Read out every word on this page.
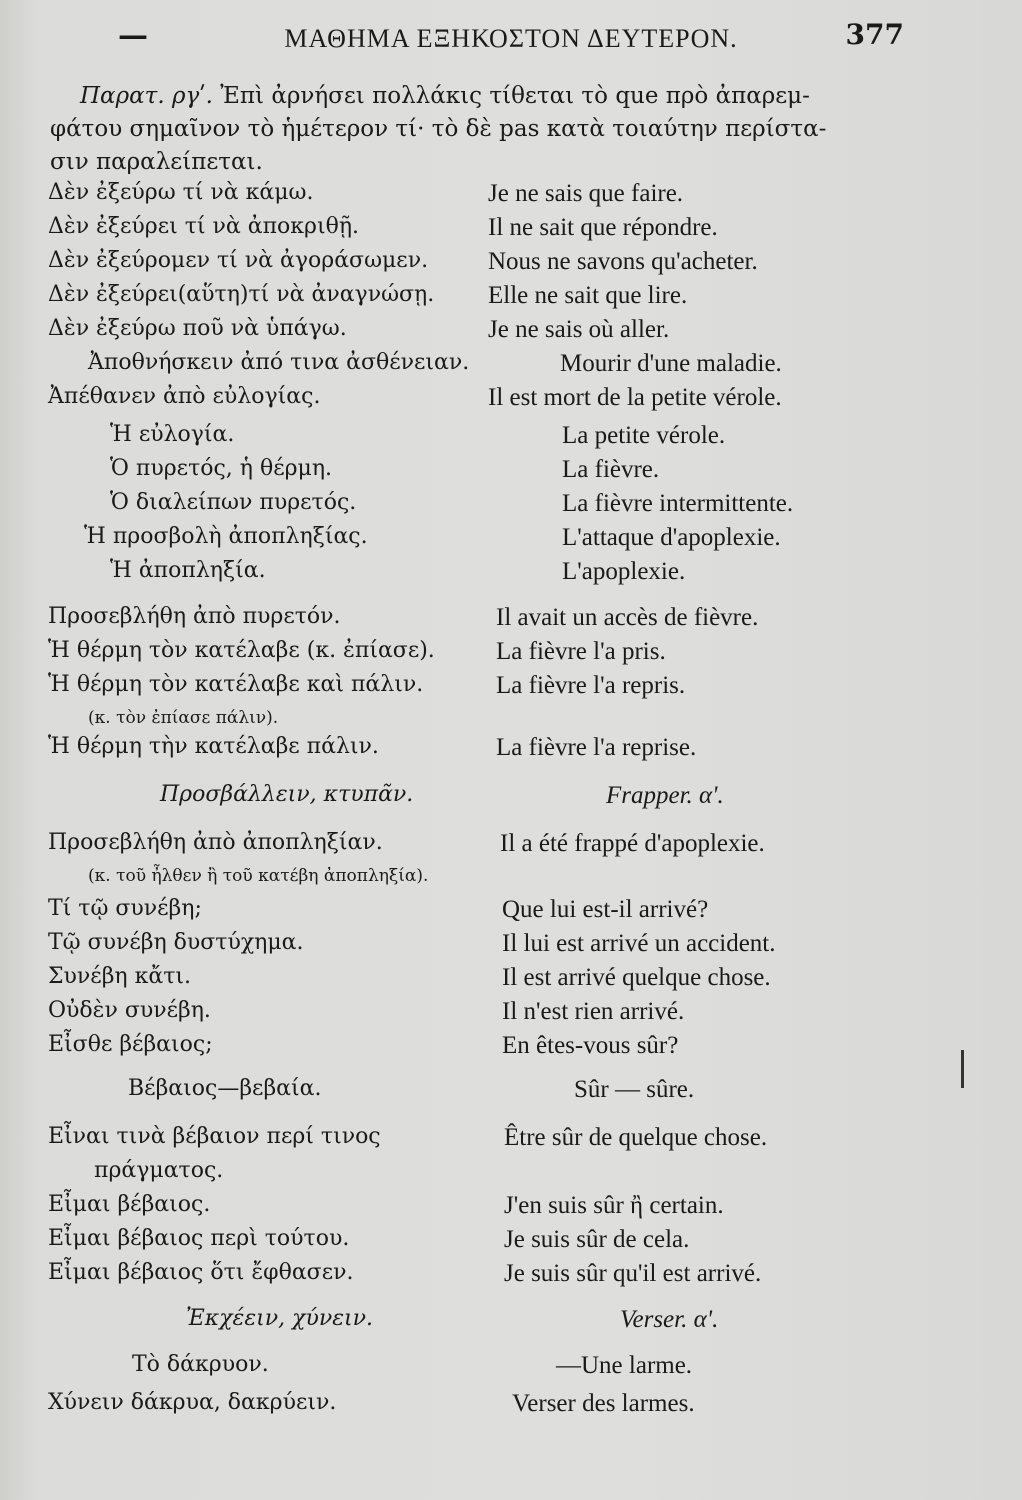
—	ΜΑΘΗΜΑ ΕΞΗΚΟΣΤΟΝ ΔΕΥΤΕΡΟΝ.	377

Παρατ. ργʹ. Ἐπὶ ἀρνήσει πολλάκις τίθεται τὸ que πρὸ ἀπαρεμ-

φάτου σημαῖνον τὸ ἡμέτερον τί· τὸ δὲ pas κατὰ τοιαύτην περίστα-

σιν παραλείπεται.

Δὲν ἐξεύρω τί νὰ κάμω.	Je ne sais que faire.
Δὲν ἐξεύρει τί νὰ ἀποκριθῇ.	Il ne sait que répondre.
Δὲν ἐξεύρομεν τί νὰ ἀγοράσωμεν. Nous ne savons qu'acheter.
Δὲν ἐξεύρει(αὕτη)τί νὰ ἀναγνώσῃ. Elle ne sait que lire.
Δὲν ἐξεύρω ποῦ νὰ ὑπάγω.	Je ne sais où aller.
Ἀποθνήσκειν ἀπό τινα ἀσθένειαν.	Mourir d'une maladie.
Ἀπέθανεν ἀπὸ εὐλογίας.	Il est mort de la petite vérole.
Ἡ εὐλογία.	La petite vérole.
Ὁ πυρετός, ἡ θέρμη.	La fièvre.
Ὁ διαλείπων πυρετός.	La fièvre intermittente.
Ἡ προσβολὴ ἀποπληξίας.	L'attaque d'apoplexie.
Ἡ ἀποπληξία.	L'apoplexie.
Προσεβλήθη ἀπὸ πυρετόν.	Il avait un accès de fièvre.
Ἡ θέρμη τὸν κατέλαβε (κ. ἐπίασε). La fièvre l'a pris.
Ἡ θέρμη τὸν κατέλαβε καὶ πάλιν.	La fièvre l'a repris.
(κ. τὸν ἐπίασε πάλιν).
Ἡ θέρμη τὴν κατέλαβε πάλιν.	La fièvre l'a reprise.
Προσβάλλειν, κτυπᾶν.	Frapper. αʹ.
Προσεβλήθη ἀπὸ ἀποπληξίαν.	Il a été frappé d'apoplexie.
(κ. τοῦ ἦλθεν ἢ τοῦ κατέβη ἀποπληξία).
Τί τῷ συνέβη;	Que lui est-il arrivé?
Τῷ συνέβη δυστύχημα.	Il lui est arrivé un accident.
Συνέβη κἄτι.	Il est arrivé quelque chose.
Οὐδὲν συνέβη.	Il n'est rien arrivé.
Εἶσθε βέβαιος;	En êtes-vous sûr?
Βέβαιος—βεβαία.	Sûr — sûre.
Εἶναι τινὰ βέβαιον περί τινος	Être sûr de quelque chose.
πράγματος.
Εἶμαι βέβαιος.	J'en suis sûr ἢ certain.
Εἶμαι βέβαιος περὶ τούτου.	Je suis sûr de cela.
Εἶμαι βέβαιος ὅτι ἔφθασεν.	Je suis sûr qu'il est arrivé.
Ἐκχέειν, χύνειν.	Verser. αʹ.
Τὸ δάκρυον.	—Une larme.
Χύνειν δάκρυα, δακρύειν.	Verser des larmes.
